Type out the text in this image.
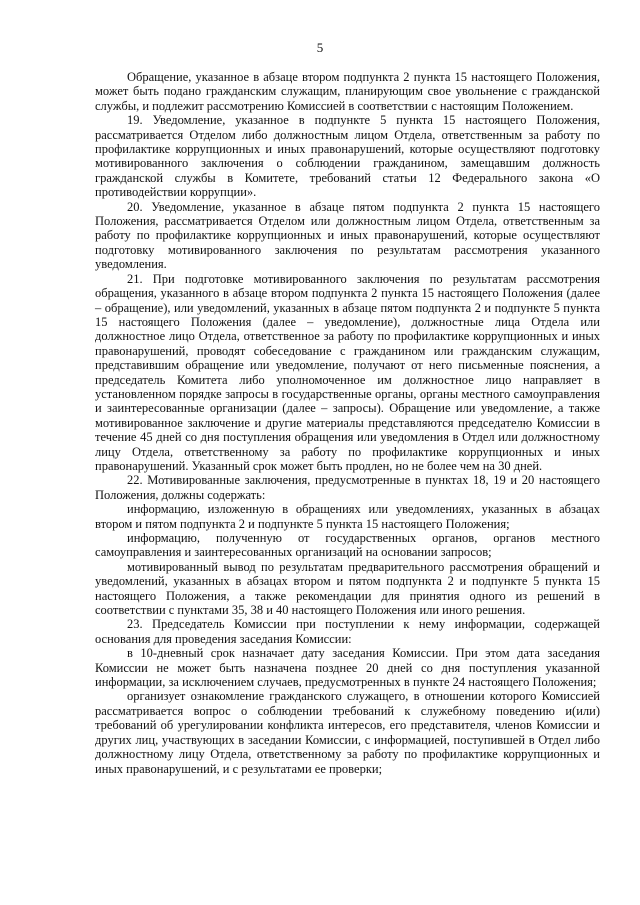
5

Обращение, указанное в абзаце втором подпункта 2 пункта 15 настоящего Положения, может быть подано гражданским служащим, планирующим свое увольнение с гражданской службы, и подлежит рассмотрению Комиссией в соответствии с настоящим Положением.

19. Уведомление, указанное в подпункте 5 пункта 15 настоящего Положения, рассматривается Отделом либо должностным лицом Отдела, ответственным за работу по профилактике коррупционных и иных правонарушений, которые осуществляют подготовку мотивированного заключения о соблюдении гражданином, замещавшим должность гражданской службы в Комитете, требований статьи 12 Федерального закона «О противодействии коррупции».

20. Уведомление, указанное в абзаце пятом подпункта 2 пункта 15 настоящего Положения, рассматривается Отделом или должностным лицом Отдела, ответственным за работу по профилактике коррупционных и иных правонарушений, которые осуществляют подготовку мотивированного заключения по результатам рассмотрения указанного уведомления.

21. При подготовке мотивированного заключения по результатам рассмотрения обращения, указанного в абзаце втором подпункта 2 пункта 15 настоящего Положения (далее – обращение), или уведомлений, указанных в абзаце пятом подпункта 2 и подпункте 5 пункта 15 настоящего Положения (далее – уведомление), должностные лица Отдела или должностное лицо Отдела, ответственное за работу по профилактике коррупционных и иных правонарушений, проводят собеседование с гражданином или гражданским служащим, представившим обращение или уведомление, получают от него письменные пояснения, а председатель Комитета либо уполномоченное им должностное лицо направляет в установленном порядке запросы в государственные органы, органы местного самоуправления и заинтересованные организации (далее – запросы). Обращение или уведомление, а также мотивированное заключение и другие материалы представляются председателю Комиссии в течение 45 дней со дня поступления обращения или уведомления в Отдел или должностному лицу Отдела, ответственному за работу по профилактике коррупционных и иных правонарушений. Указанный срок может быть продлен, но не более чем на 30 дней.

22. Мотивированные заключения, предусмотренные в пунктах 18, 19 и 20 настоящего Положения, должны содержать:

информацию, изложенную в обращениях или уведомлениях, указанных в абзацах втором и пятом подпункта 2 и подпункте 5 пункта 15 настоящего Положения;

информацию, полученную от государственных органов, органов местного самоуправления и заинтересованных организаций на основании запросов;

мотивированный вывод по результатам предварительного рассмотрения обращений и уведомлений, указанных в абзацах втором и пятом подпункта 2 и подпункте 5 пункта 15 настоящего Положения, а также рекомендации для принятия одного из решений в соответствии с пунктами 35, 38 и 40 настоящего Положения или иного решения.

23. Председатель Комиссии при поступлении к нему информации, содержащей основания для проведения заседания Комиссии:

в 10-дневный срок назначает дату заседания Комиссии. При этом дата заседания Комиссии не может быть назначена позднее 20 дней со дня поступления указанной информации, за исключением случаев, предусмотренных в пункте 24 настоящего Положения;

организует ознакомление гражданского служащего, в отношении которого Комиссией рассматривается вопрос о соблюдении требований к служебному поведению и(или) требований об урегулировании конфликта интересов, его представителя, членов Комиссии и других лиц, участвующих в заседании Комиссии, с информацией, поступившей в Отдел либо должностному лицу Отдела, ответственному за работу по профилактике коррупционных и иных правонарушений, и с результатами ее проверки;
